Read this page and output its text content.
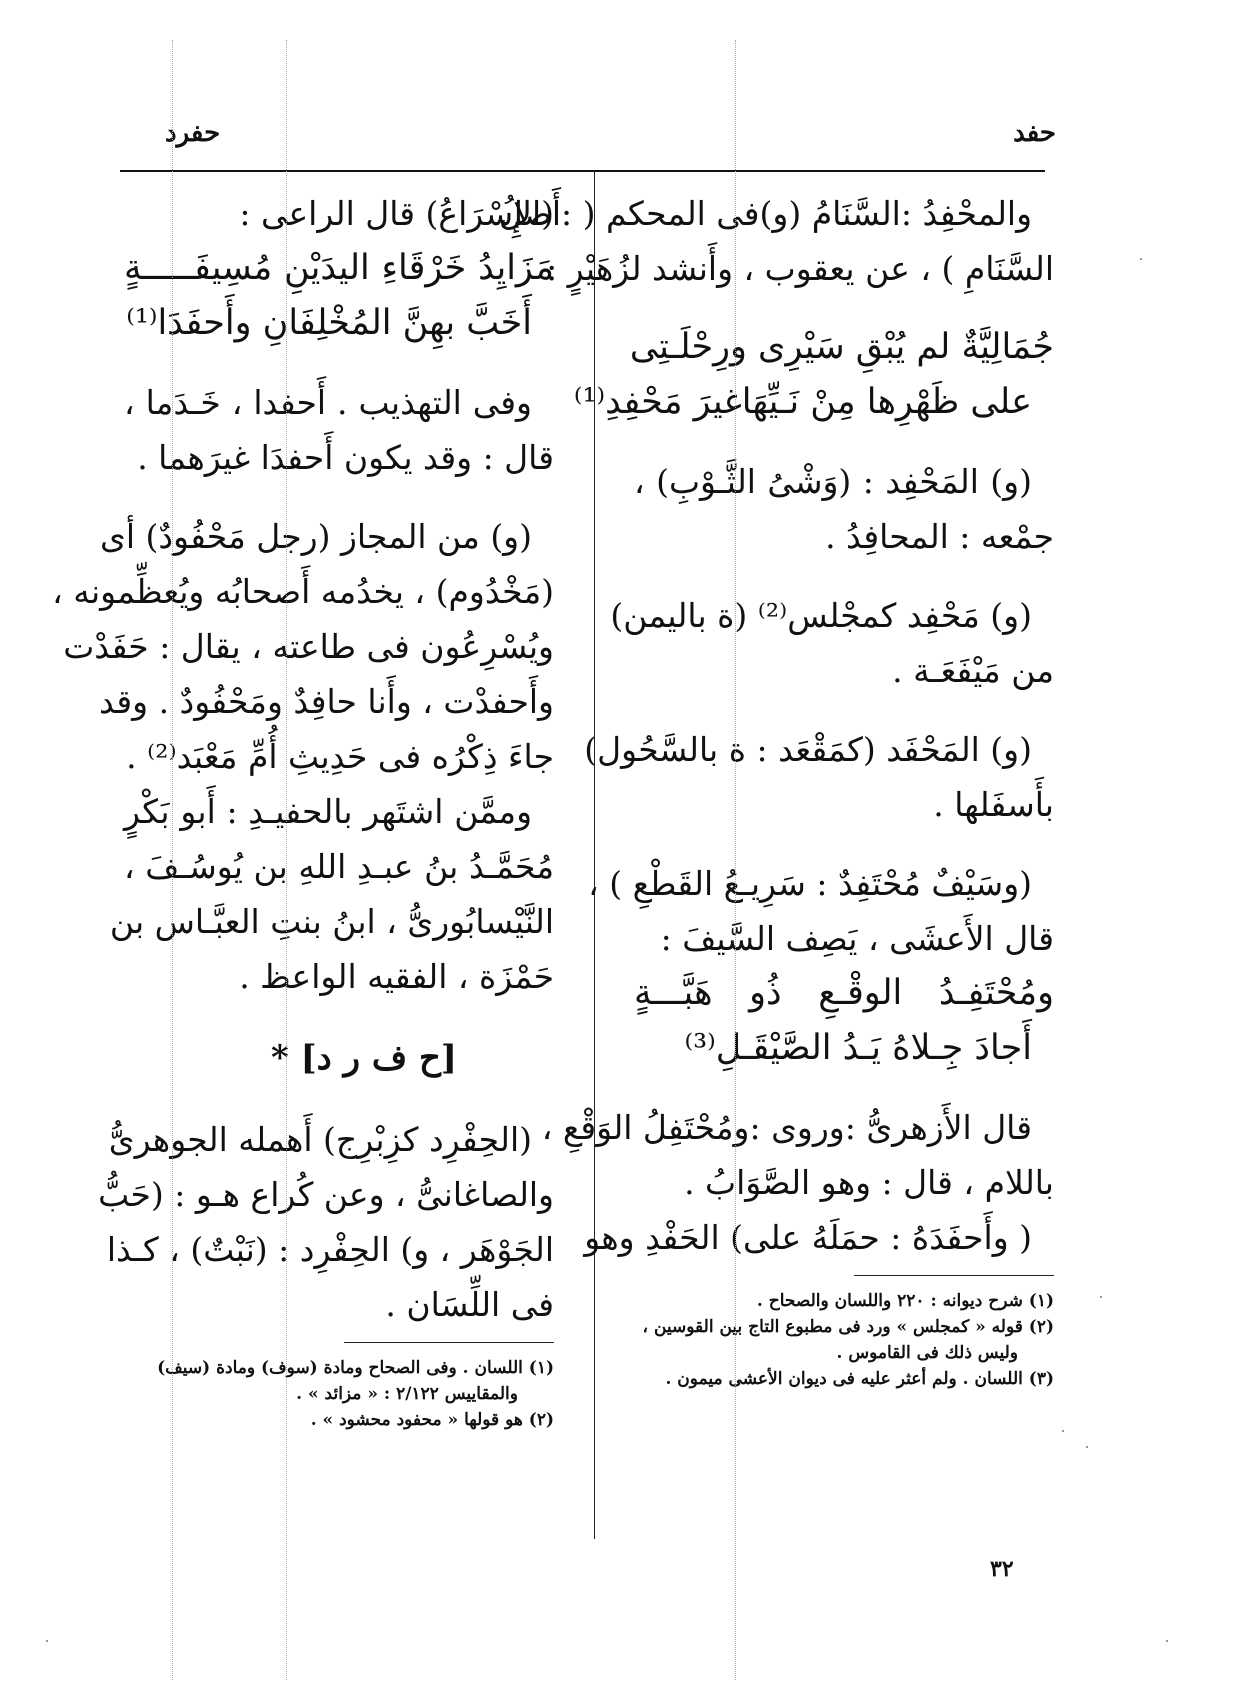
حفد
حفرد
والمحْفِدُ :السَّنَامُ (و)فى المحكم ( :أَصلُ
السَّنَامِ ) ، عن يعقوب ، وأَنشد لزُهَيْرٍ :
جُمَالِيَّةٌ لم يُبْقِ سَيْرِى ورِحْلَـتِى
على ظَهْرِها مِنْ نَـيِّهَاغيرَ مَحْفِدِ⁽¹⁾
(و) المَحْفِد : (وَشْىُ الثَّـوْبِ) ،
جمْعه : المحافِدُ .
(و) مَحْفِد كمجْلس⁽²⁾ (ة باليمن)
من مَيْفَعَـة .
(و) المَحْفَد (كمَقْعَد : ة بالسَّحُول)
بأَسفَلها .
(وسَيْفٌ مُحْتَفِدٌ : سَرِيـعُ القَطْعِ ) ،
قال الأَعشَى ، يَصِف السَّيفَ :
ومُحْتَفِـدُ الوقْـعِ ذُو هَبَّـــةٍ
أَجادَ جِـلاهُ يَـدُ الصَّيْقَـلِ⁽³⁾
قال الأَزهرىُّ :وروى :ومُحْتَفِلُ الوَقْعِ ،
باللام ، قال : وهو الصَّوَابُ .
( وأَحفَدَهُ : حمَلَهُ على) الحَفْدِ وهو
(١) شرح ديوانه : ٢٢٠ واللسان والصحاح .
(٢) قوله « كمجلس » ورد فى مطبوع التاج بين القوسين ،
وليس ذلك فى القاموس .
(٣) اللسان . ولم أعثر عليه فى ديوان الأعشى ميمون .
(الإِسْرَاعُ) قال الراعى :
مَزَايِدُ خَرْقَاءِ اليدَيْنِ مُسِيفَـــــةٍ
أَخَبَّ بهِنَّ المُخْلِفَانِ وأَحفَدَا⁽¹⁾
وفى التهذيب . أَحفدا ، خَـدَما ،
قال : وقد يكون أَحفدَا غيرَهما .
(و) من المجاز (رجل مَحْفُودٌ) أى
(مَخْدُوم) ، يخدُمه أَصحابُه ويُعظِّمونه ،
ويُسْرِعُون فى طاعته ، يقال : حَفَدْت
وأَحفدْت ، وأَنا حافِدٌ ومَحْفُودٌ . وقد
جاءَ ذِكْرُه فى حَدِيثِ أُمِّ مَعْبَد⁽²⁾ .
وممَّن اشتَهر بالحفيـدِ : أَبو بَكْرٍ
مُحَمَّـدُ بنُ عبـدِ اللهِ بن يُوسُـفَ ،
النَّيْسابُورىُّ ، ابنُ بنتِ العبَّـاس بن
حَمْزَة ، الفقيه الواعظ .
[ح ف ر د] *
(الحِفْرِد كزِبْرِج) أَهمله الجوهرىُّ
والصاغانىُّ ، وعن كُراع هـو : (حَبُّ
الجَوْهَر ، و) الحِفْرِد : (نَبْتٌ) ، كـذا
فى اللِّسَان .
(١) اللسان . وفى الصحاح ومادة (سوف) ومادة (سيف)
والمقاييس ٢/١٢٢ : « مزائد » .
(٢) هو قولها « محفود محشود » .
٣٢
